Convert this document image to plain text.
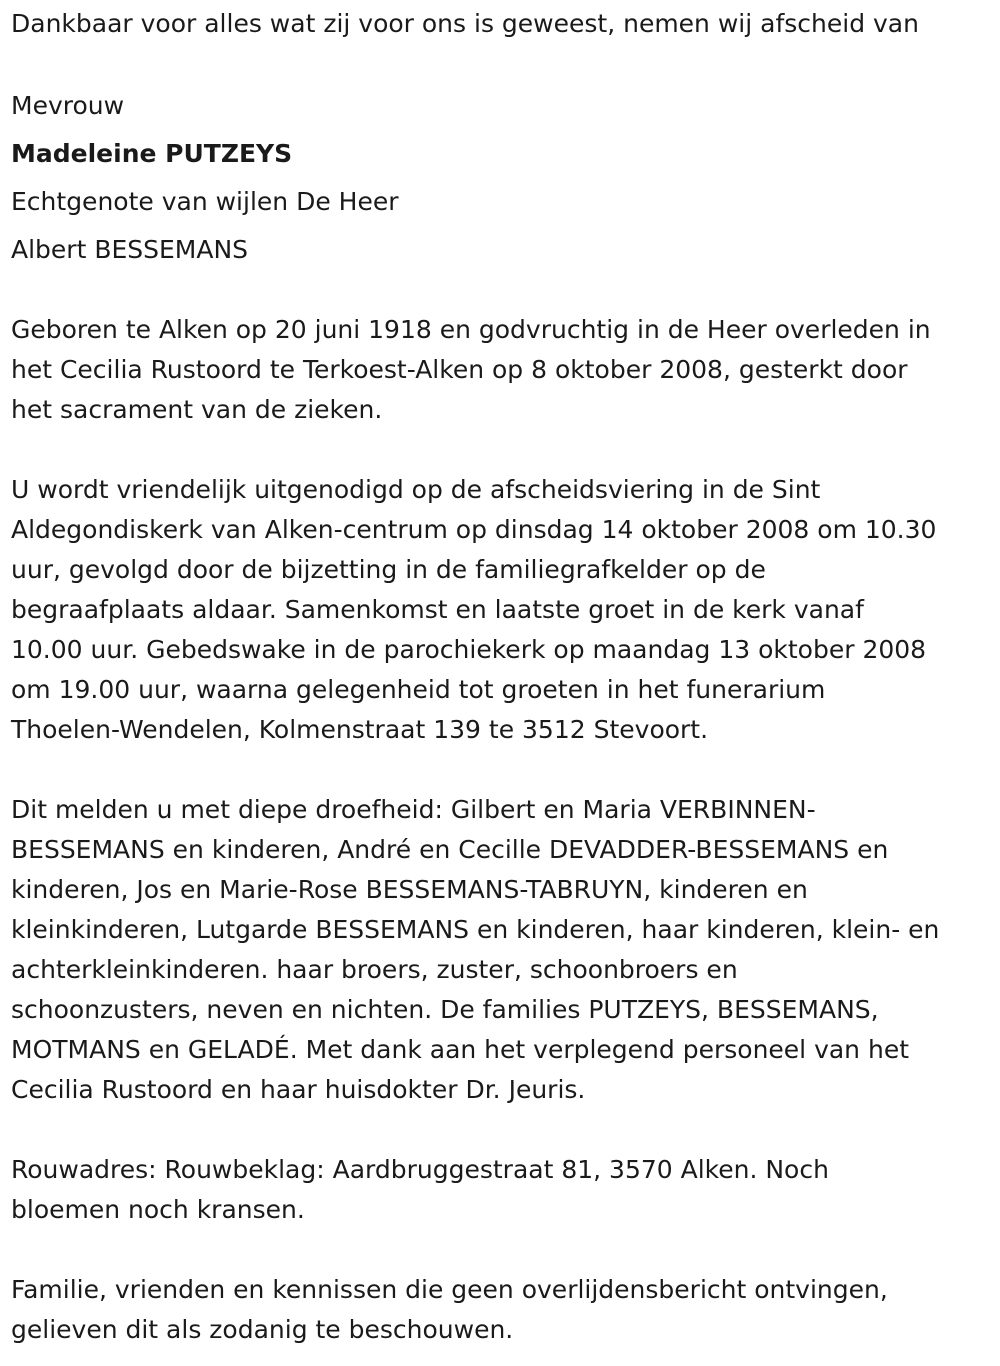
Dankbaar voor alles wat zij voor ons is geweest, nemen wij afscheid van
Mevrouw
Madeleine PUTZEYS
Echtgenote van wijlen De Heer
Albert BESSEMANS
Geboren te Alken op 20 juni 1918 en godvruchtig in de Heer overleden in
het Cecilia Rustoord te Terkoest-Alken op 8 oktober 2008, gesterkt door
het sacrament van de zieken.
U wordt vriendelijk uitgenodigd op de afscheidsviering in de Sint
Aldegondiskerk van Alken-centrum op dinsdag 14 oktober 2008 om 10.30
uur, gevolgd door de bijzetting in de familiegrafkelder op de
begraafplaats aldaar. Samenkomst en laatste groet in de kerk vanaf
10.00 uur. Gebedswake in de parochiekerk op maandag 13 oktober 2008
om 19.00 uur, waarna gelegenheid tot groeten in het funerarium
Thoelen-Wendelen, Kolmenstraat 139 te 3512 Stevoort.
Dit melden u met diepe droefheid: Gilbert en Maria VERBINNEN-
BESSEMANS en kinderen, André en Cecille DEVADDER-BESSEMANS en
kinderen, Jos en Marie-Rose BESSEMANS-TABRUYN, kinderen en
kleinkinderen, Lutgarde BESSEMANS en kinderen, haar kinderen, klein- en
achterkleinkinderen. haar broers, zuster, schoonbroers en
schoonzusters, neven en nichten. De families PUTZEYS, BESSEMANS,
MOTMANS en GELADÉ. Met dank aan het verplegend personeel van het
Cecilia Rustoord en haar huisdokter Dr. Jeuris.
Rouwadres: Rouwbeklag: Aardbruggestraat 81, 3570 Alken. Noch
bloemen noch kransen.
Familie, vrienden en kennissen die geen overlijdensbericht ontvingen,
gelieven dit als zodanig te beschouwen.
